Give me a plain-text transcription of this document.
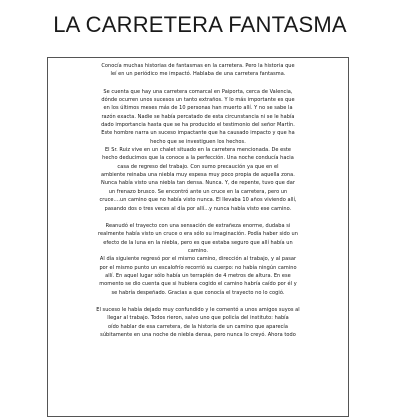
LA CARRETERA FANTASMA
Conocía muchas historias de fantasmas en la carretera. Pero la historia que
leí en un periódico me impactó. Hablaba de una carretera fantasma.
Se cuenta que hay una carretera comarcal en Paiporta, cerca de Valencia,
dónde ocurren unos sucesos un tanto extraños. Y lo más importante es que
en los últimos meses más de 10 personas han muerto allí. Y no se sabe la
razón exacta. Nadie se había percatado de esta circunstancia ni se le había
dado importancia hasta que se ha producido el testimonio del señor Martín.
Este hombre narra un suceso impactante que ha causado impacto y que ha
hecho que se investiguen los hechos.
El Sr. Ruiz vive en un chalet situado en la carretera mencionada. De este
hecho deducimos que la conoce a la perfección. Una noche conducía hacia
casa de regreso del trabajo. Con sumo precaución ya que en el
ambiente reinaba una niebla muy espesa muy poco propia de aquella zona.
Nunca había visto una niebla tan densa. Nunca. Y, de repente, tuvo que dar
un frenazo brusco. Se encontró ante un cruce en la carretera, pero un
cruce....un camino que no había visto nunca. El llevaba 10 años viviendo allí,
pasando dos o tres veces al día por allí...y nunca había visto ese camino.
Reanudó el trayecto con una sensación de extrañeza enorme, dudaba si
realmente había visto un cruce o era sólo su imaginación. Podía haber sido un
efecto de la luna en la niebla, pero es que estaba seguro que allí había un
camino.
Al día siguiente regresó por el mismo camino, dirección al trabajo, y al pasar
por el mismo punto un escalofrío recorrió su cuerpo: no había ningún camino
allí. En aquel lugar sólo había un terraplén de 4 metros de altura. En ese
momento se dio cuenta que si hubiera cogido el camino habría caído por él y
se habría despeñado. Gracias a que conocía el trayecto no lo cogió.
El suceso le había dejado muy confundido y le comentó a unos amigos suyos al
llegar al trabajo. Todos rieron, salvo uno que policía del instituto: había
oído hablar de esa carretera, de la historia de un camino que aparecía
súbitamente en una noche de niebla densa, pero nunca lo creyó. Ahora todo
